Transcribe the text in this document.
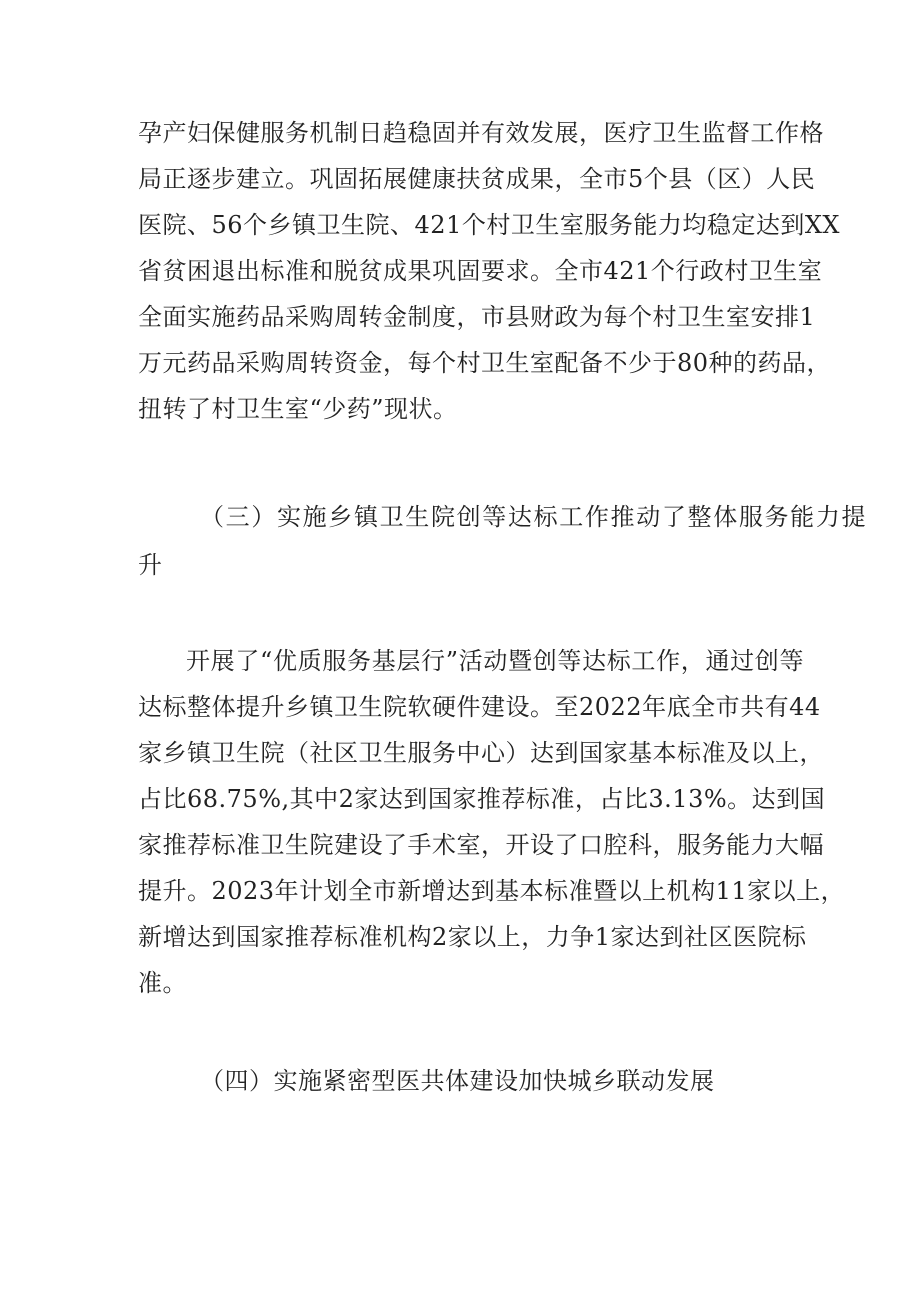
孕产妇保健服务机制日趋稳固并有效发展，医疗卫生监督工作格
局正逐步建立。巩固拓展健康扶贫成果，全市5个县（区）人民
医院、56个乡镇卫生院、421个村卫生室服务能力均稳定达到XX
省贫困退出标准和脱贫成果巩固要求。全市421个行政村卫生室
全面实施药品采购周转金制度，市县财政为每个村卫生室安排1
万元药品采购周转资金，每个村卫生室配备不少于80种的药品，
扭转了村卫生室“少药”现状。
（三）实施乡镇卫生院创等达标工作推动了整体服务能力提
升
开展了“优质服务基层行”活动暨创等达标工作，通过创等
达标整体提升乡镇卫生院软硬件建设。至2022年底全市共有44
家乡镇卫生院（社区卫生服务中心）达到国家基本标准及以上，
占比68.75%,其中2家达到国家推荐标准，占比3.13%。达到国
家推荐标准卫生院建设了手术室，开设了口腔科，服务能力大幅
提升。2023年计划全市新增达到基本标准暨以上机构11家以上，
新增达到国家推荐标准机构2家以上，力争1家达到社区医院标
准。
（四）实施紧密型医共体建设加快城乡联动发展
